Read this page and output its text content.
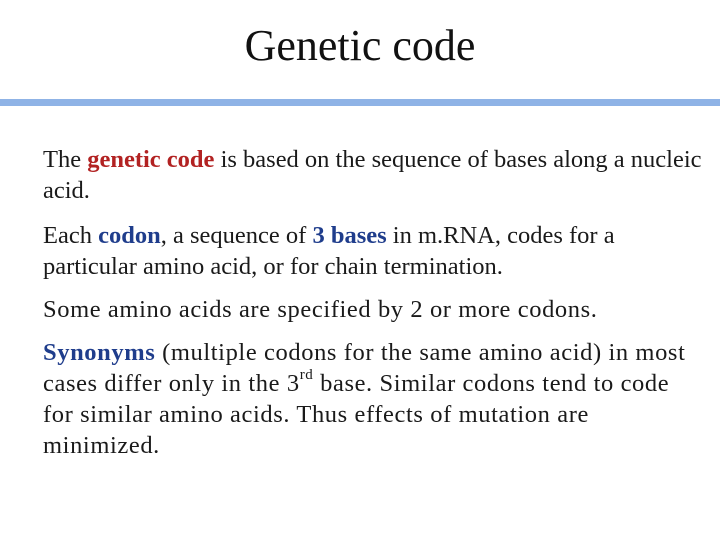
Genetic code

The genetic code is based on the sequence of bases along a nucleic acid.

Each codon, a sequence of 3 bases in m.RNA, codes for a particular amino acid, or for chain termination.

Some amino acids are specified by 2 or more codons.

Synonyms (multiple codons for the same amino acid) in most cases differ only in the 3rd base. Similar codons tend to code for similar amino acids. Thus effects of mutation are minimized.
